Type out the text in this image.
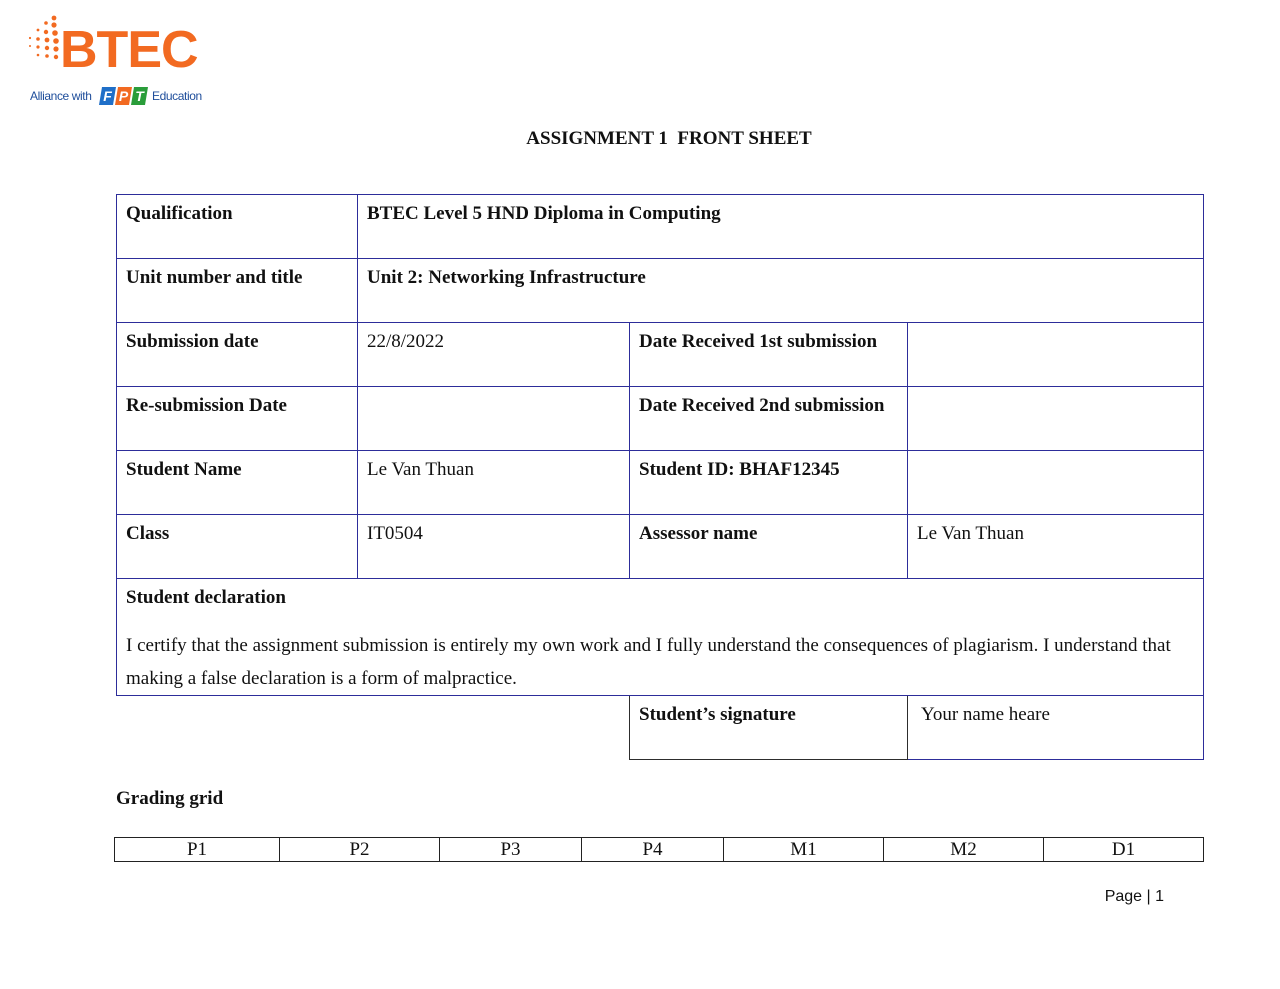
BTEC
Alliance with F P T Education
ASSIGNMENT 1  FRONT SHEET
Qualification	BTEC Level 5 HND Diploma in Computing		
Unit number and title	Unit 2: Networking Infrastructure		
Submission date	22/8/2022	Date Received 1st submission	
Re-submission Date		Date Received 2nd submission	
Student Name	Le Van Thuan	Student ID: BHAF12345	
Class	IT0504	Assessor name	Le Van Thuan

Student declaration
I certify that the assignment submission is entirely my own work and I fully understand the consequences of plagiarism. I understand that making a false declaration is a form of malpractice.			

		Student’s signature	Your name heare
Grading grid
P1	P2	P3	P4	M1	M2	D1
Page | 1
